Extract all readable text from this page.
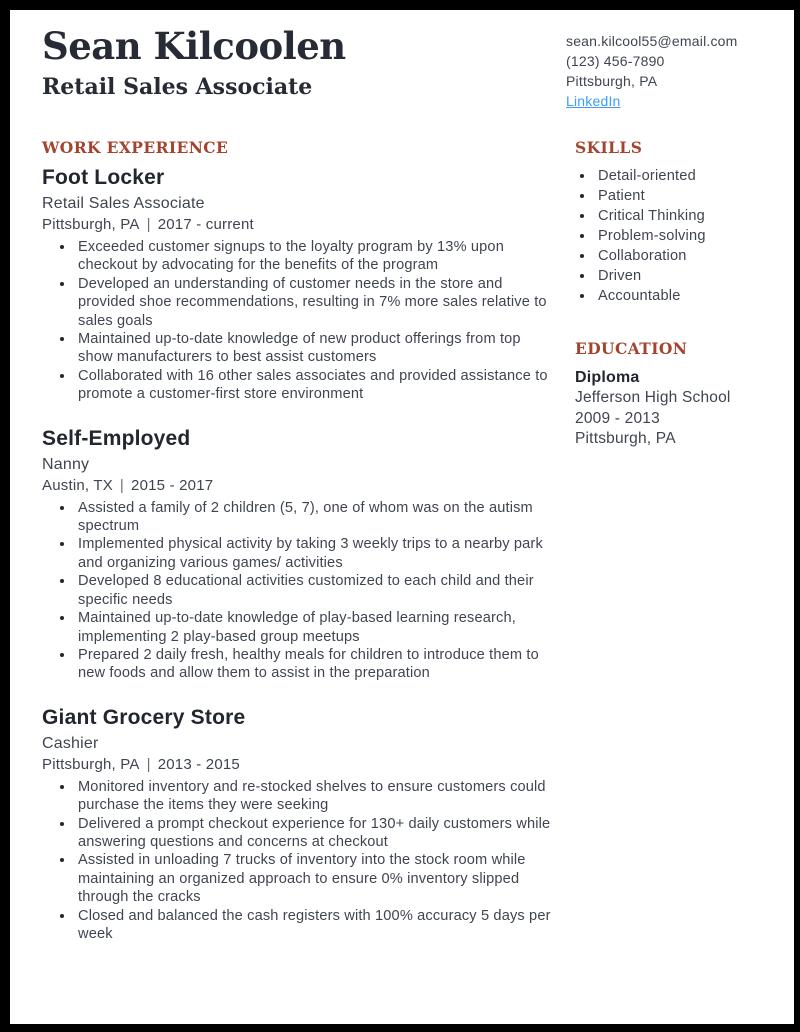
Sean Kilcoolen
Retail Sales Associate
sean.kilcool55@email.com
(123) 456-7890
Pittsburgh, PA
LinkedIn
WORK EXPERIENCE
Foot Locker
Retail Sales Associate
Pittsburgh, PA | 2017 - current
• Exceeded customer signups to the loyalty program by 13% upon checkout by advocating for the benefits of the program
• Developed an understanding of customer needs in the store and provided shoe recommendations, resulting in 7% more sales relative to sales goals
• Maintained up-to-date knowledge of new product offerings from top show manufacturers to best assist customers
• Collaborated with 16 other sales associates and provided assistance to promote a customer-first store environment
Self-Employed
Nanny
Austin, TX | 2015 - 2017
• Assisted a family of 2 children (5, 7), one of whom was on the autism spectrum
• Implemented physical activity by taking 3 weekly trips to a nearby park and organizing various games/ activities
• Developed 8 educational activities customized to each child and their specific needs
• Maintained up-to-date knowledge of play-based learning research, implementing 2 play-based group meetups
• Prepared 2 daily fresh, healthy meals for children to introduce them to new foods and allow them to assist in the preparation
Giant Grocery Store
Cashier
Pittsburgh, PA | 2013 - 2015
• Monitored inventory and re-stocked shelves to ensure customers could purchase the items they were seeking
• Delivered a prompt checkout experience for 130+ daily customers while answering questions and concerns at checkout
• Assisted in unloading 7 trucks of inventory into the stock room while maintaining an organized approach to ensure 0% inventory slipped through the cracks
• Closed and balanced the cash registers with 100% accuracy 5 days per week
SKILLS
• Detail-oriented
• Patient
• Critical Thinking
• Problem-solving
• Collaboration
• Driven
• Accountable
EDUCATION
Diploma
Jefferson High School
2009 - 2013
Pittsburgh, PA
